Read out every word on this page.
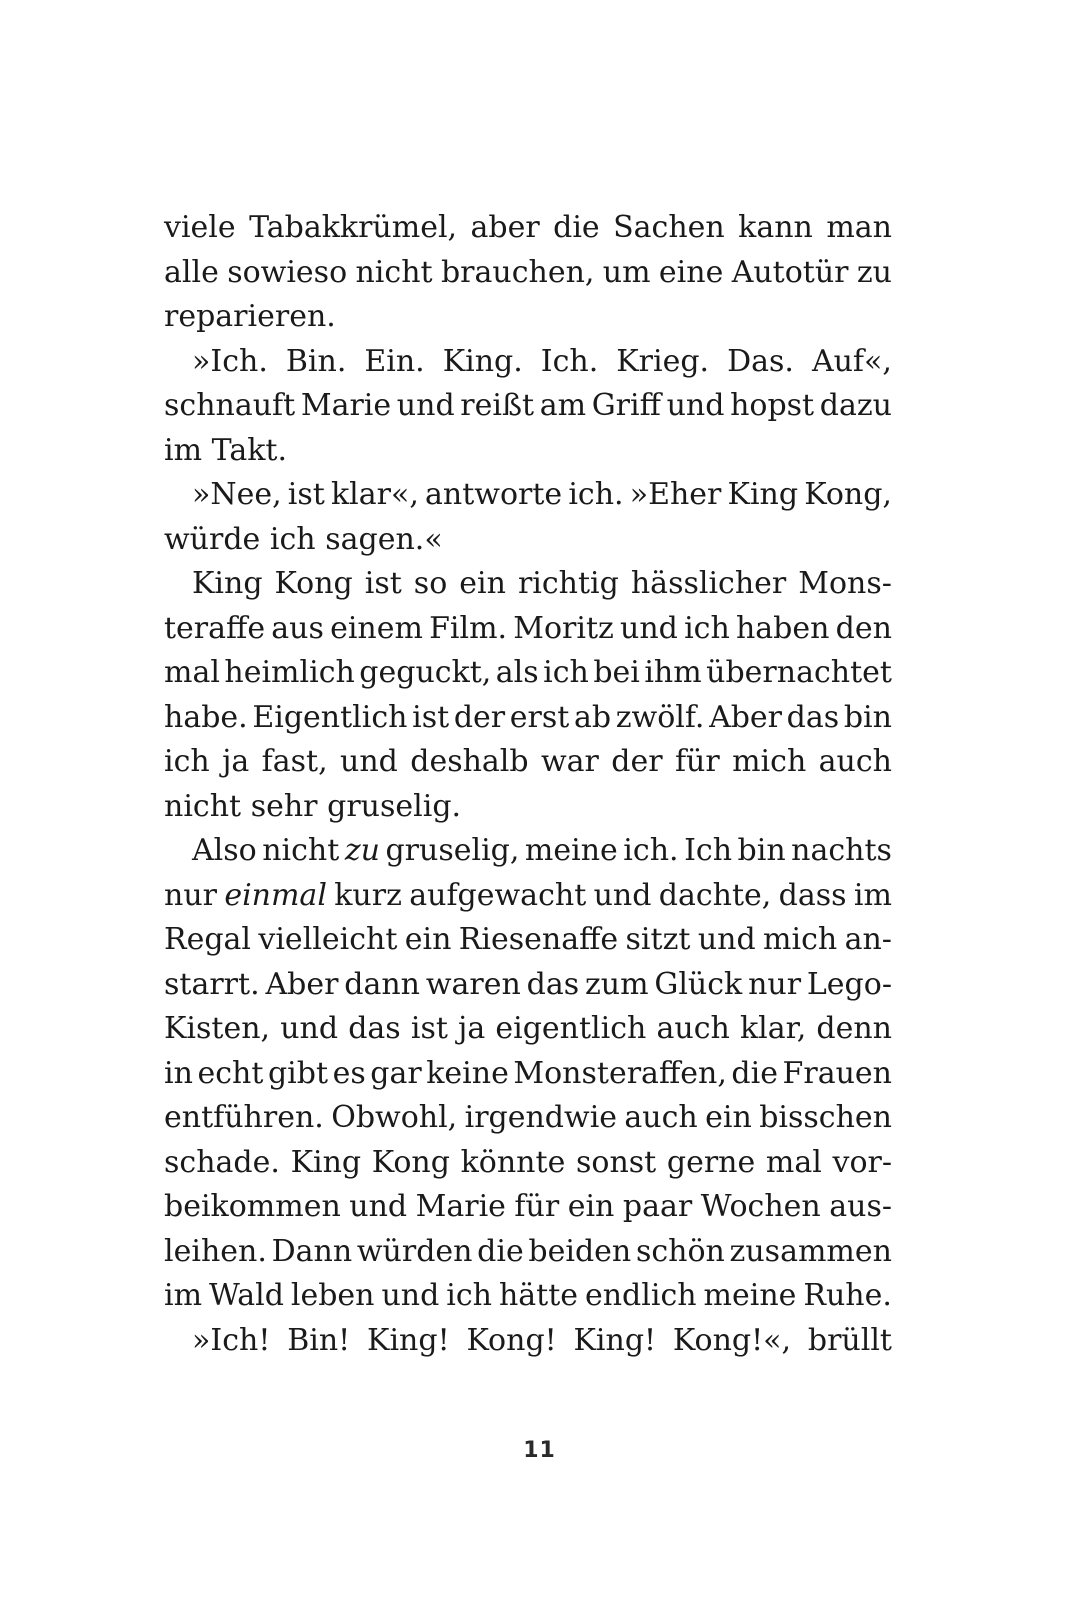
viele Tabakkrümel, aber die Sachen kann man
alle sowieso nicht brauchen, um eine Autotür zu
reparieren.
»Ich. Bin. Ein. King. Ich. Krieg. Das. Auf«,
schnauft Marie und reißt am Griff und hopst dazu
im Takt.
»Nee, ist klar«, antworte ich. »Eher King Kong,
würde ich sagen.«
King Kong ist so ein richtig hässlicher Mons-
teraffe aus einem Film. Moritz und ich haben den
mal heimlich geguckt, als ich bei ihm übernachtet
habe. Eigentlich ist der erst ab zwölf. Aber das bin
ich ja fast, und deshalb war der für mich auch
nicht sehr gruselig.
Also nicht zu gruselig, meine ich. Ich bin nachts
nur einmal kurz aufgewacht und dachte, dass im
Regal vielleicht ein Riesenaffe sitzt und mich an-
starrt. Aber dann waren das zum Glück nur Lego-
Kisten, und das ist ja eigentlich auch klar, denn
in echt gibt es gar keine Monsteraffen, die Frauen
entführen. Obwohl, irgendwie auch ein bisschen
schade. King Kong könnte sonst gerne mal vor-
beikommen und Marie für ein paar Wochen aus-
leihen. Dann würden die beiden schön zusammen
im Wald leben und ich hätte endlich meine Ruhe.
»Ich! Bin! King! Kong! King! Kong!«, brüllt
11
